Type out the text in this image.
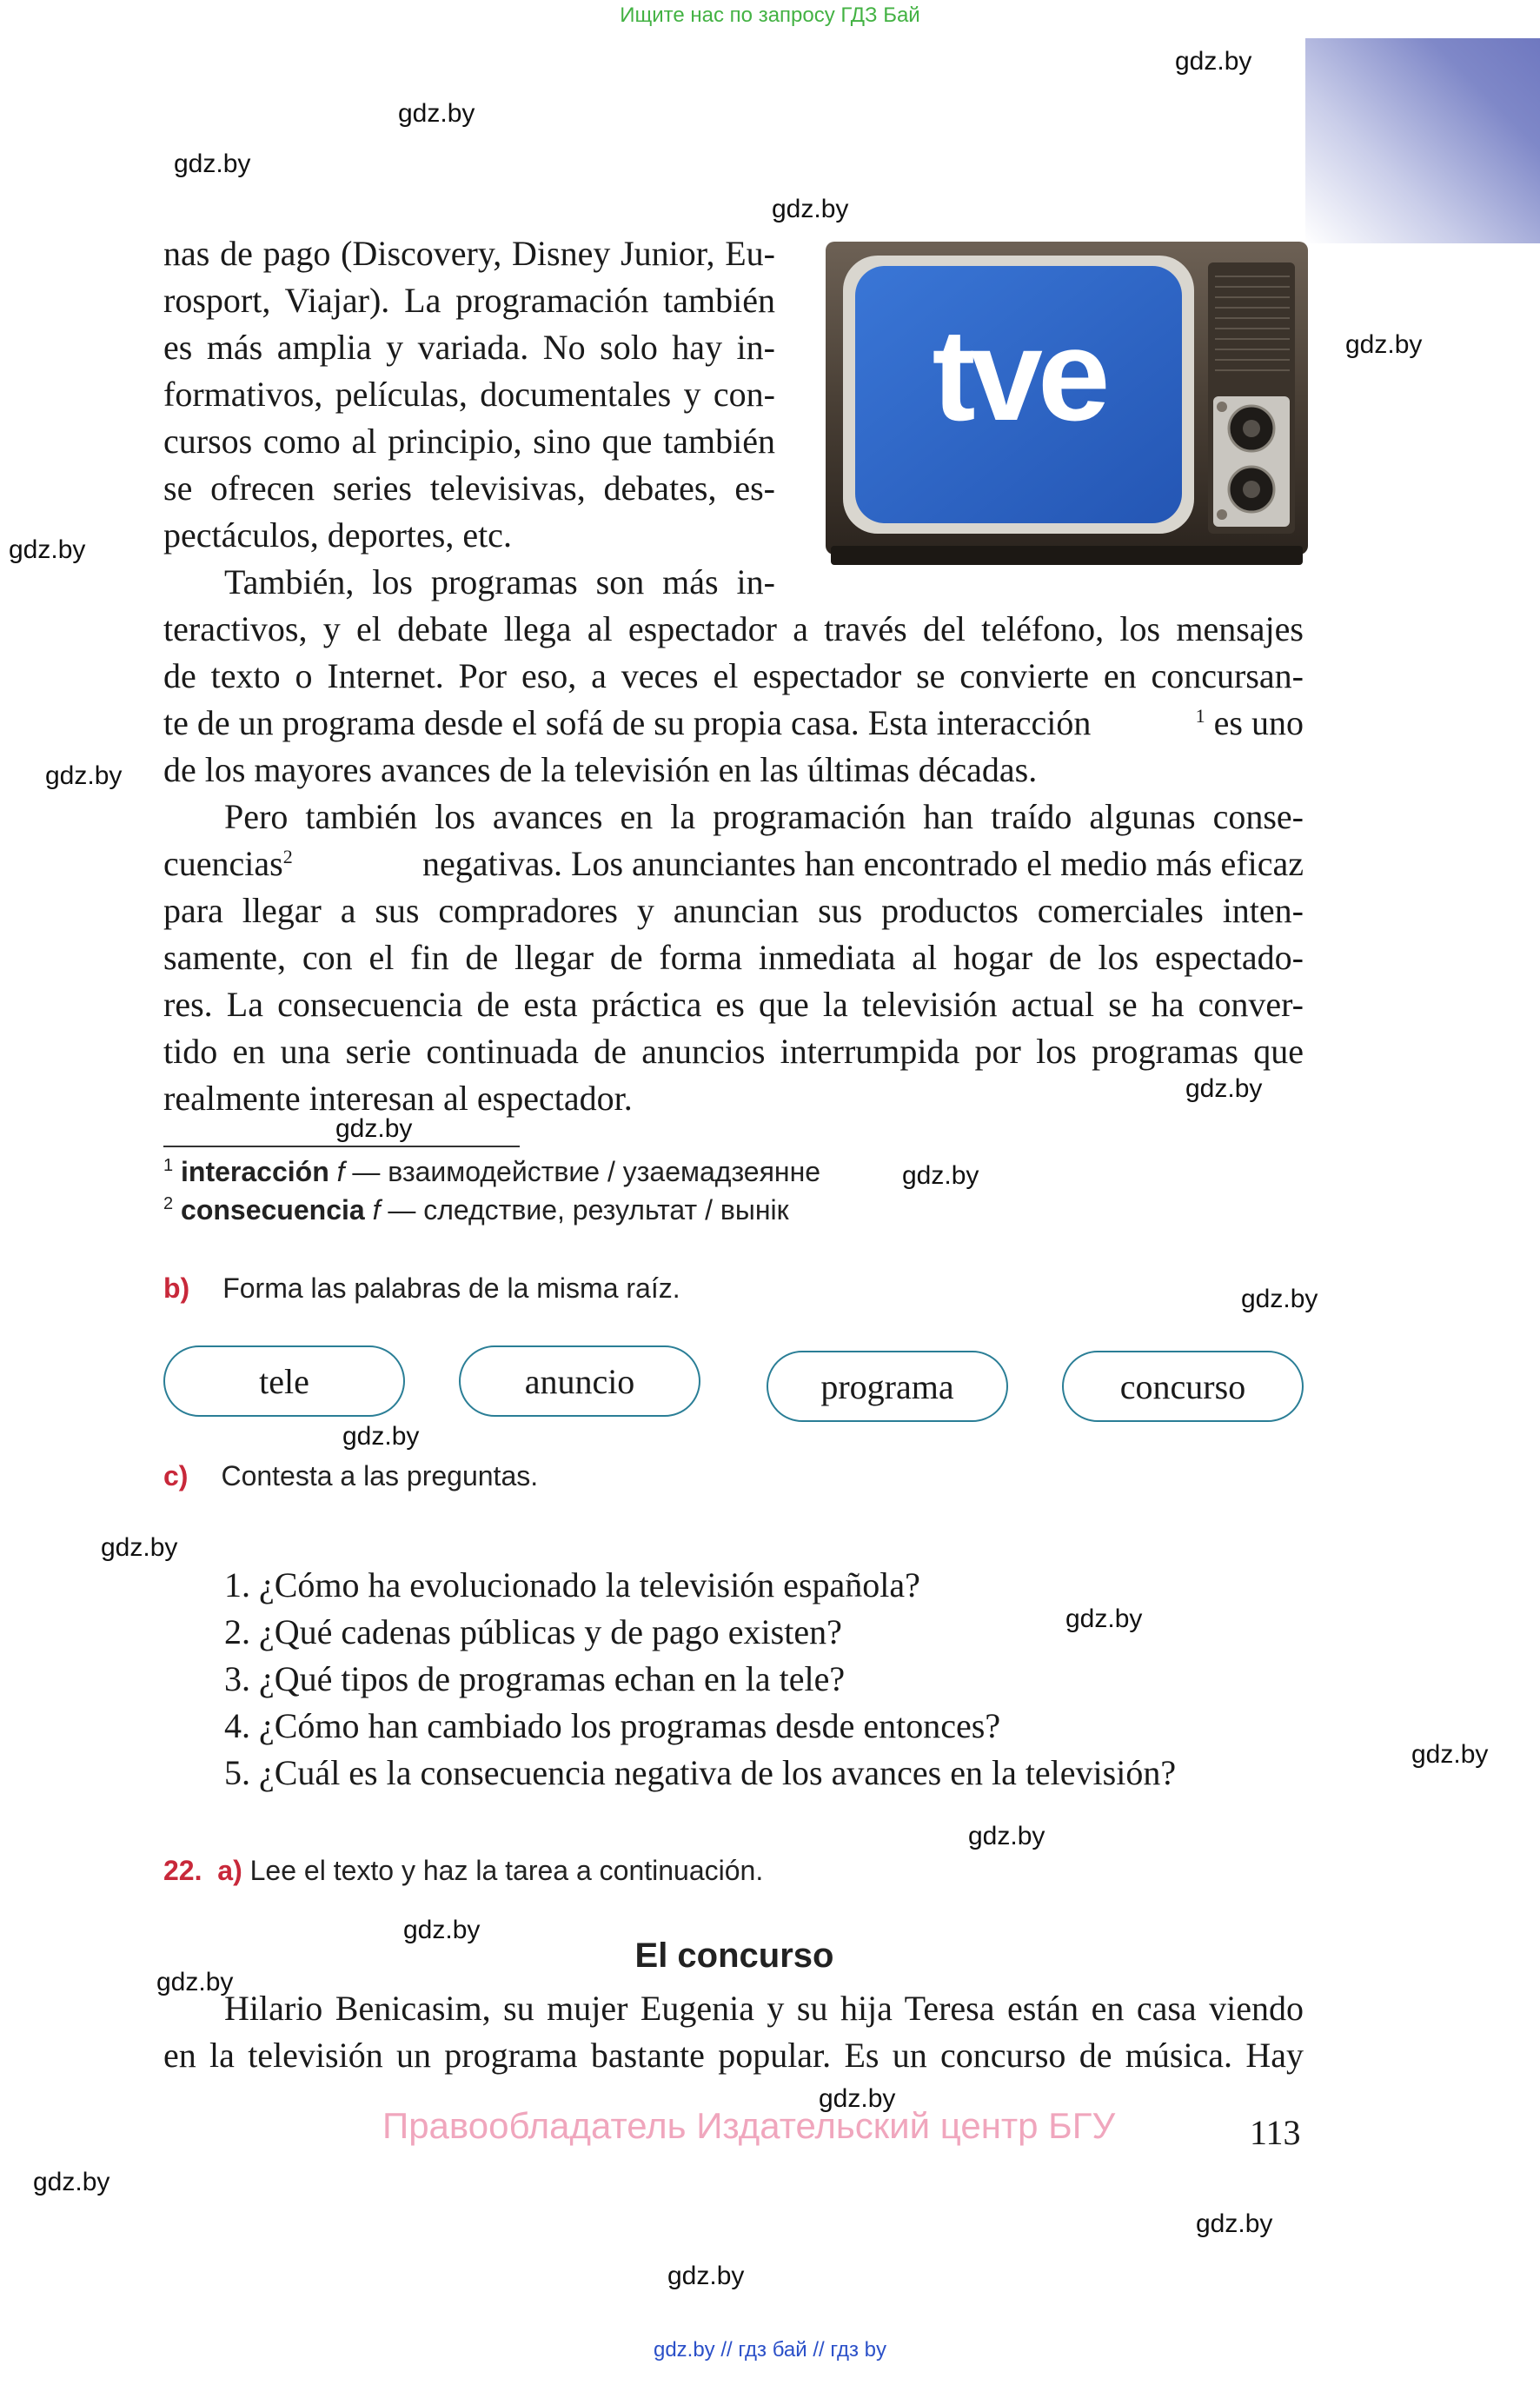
Ищите нас по запросу ГДЗ Бай
gdz.by
gdz.by
gdz.by
gdz.by
gdz.by
gdz.by
gdz.by
gdz.by
gdz.by
gdz.by
gdz.by
gdz.by
gdz.by
gdz.by
gdz.by
gdz.by
gdz.by
gdz.by
gdz.by
gdz.by
gdz.by
gdz.by
tve
nas de pago (Discovery, Disney Junior, Eu-
rosport, Viajar). La programación también
es más amplia y variada. No solo hay in-
formativos, películas, documentales y con-
cursos como al principio, sino que también
se ofrecen series televisivas, debates, es-
pectáculos, deportes, etc.
También, los programas son más in-
teractivos, y el debate llega al espectador a través del teléfono, los mensajes
de texto o Internet. Por eso, a veces el espectador se convierte en concursan-
te de un programa desde el sofá de su propia casa. Esta interacción	$^1$ es uno
de los mayores avances de la televisión en las últimas décadas.
Pero también los avances en la programación han traído algunas conse-
cuencias$^2$	negativas. Los anunciantes han encontrado el medio más eficaz
para llegar a sus compradores y anuncian sus productos comerciales inten-
samente, con el fin de llegar de forma inmediata al hogar de los espectado-
res. La consecuencia de esta práctica es que la televisión actual se ha conver-
tido en una serie continuada de anuncios interrumpida por los programas que
realmente interesan al espectador.
$^1$ interacción f — взаимодействие / узаемадзеянне
$^2$ consecuencia f — следствие, результат / вынік
b) Forma las palabras de la misma raíz.
tele	anuncio	programa	concurso
c) Contesta a las preguntas.
1. ¿Cómo ha evolucionado la televisión española?
2. ¿Qué cadenas públicas y de pago existen?
3. ¿Qué tipos de programas echan en la tele?
4. ¿Cómo han cambiado los programas desde entonces?
5. ¿Cuál es la consecuencia negativa de los avances en la televisión?
22. a) Lee el texto y haz la tarea a continuación.
El concurso
Hilario Benicasim, su mujer Eugenia y su hija Teresa están en casa viendo
en la televisión un programa bastante popular. Es un concurso de música. Hay
Правообладатель Издательский центр БГУ	113
gdz.by // гдз бай // гдз by
